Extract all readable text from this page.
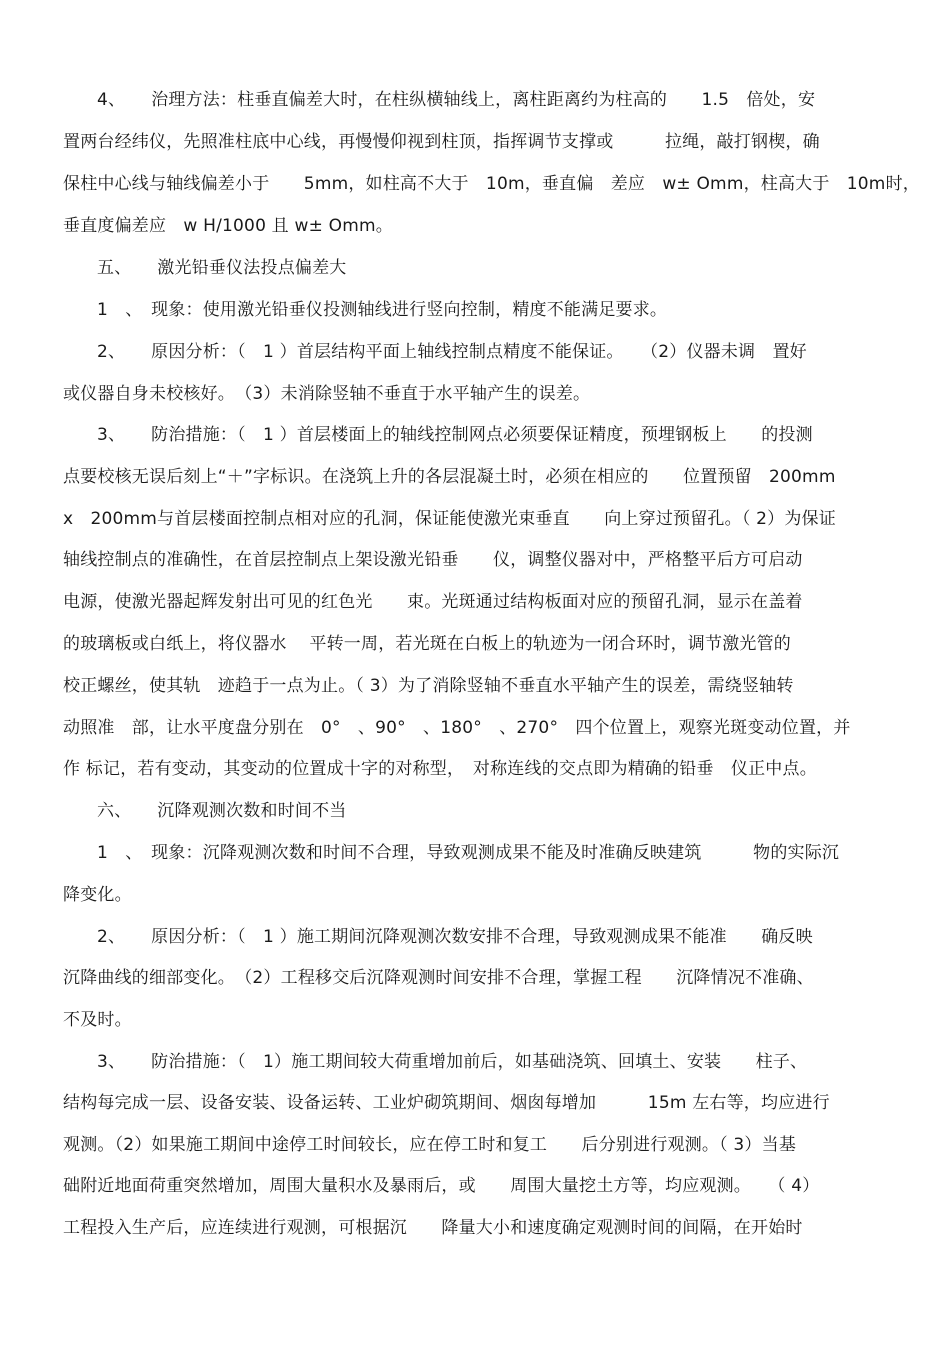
4、　　治理方法：柱垂直偏差大时，在柱纵横轴线上，离柱距离约为柱高的　　1.5　倍处，安
置两台经纬仪，先照准柱底中心线，再慢慢仰视到柱顶，指挥调节支撑或　　　拉绳，敲打钢楔，确
保柱中心线与轴线偏差小于　　5mm，如柱高不大于　10m，垂直偏　差应　w± Omm，柱高大于　10m时，
垂直度偏差应　w H/1000 且 w± Omm。
五、　　激光铅垂仪法投点偏差大
1　、　现象：使用激光铅垂仪投测轴线进行竖向控制，精度不能满足要求。
2、　　原因分析：（　1 ）首层结构平面上轴线控制点精度不能保证。　　（2）仪器未调　置好
或仪器自身未校核好。　（3）未消除竖轴不垂直于水平轴产生的误差。
3、　　防治措施：（　1 ）首层楼面上的轴线控制网点必须要保证精度，预埋钢板上　　的投测
点要校核无误后刻上“＋”字标识。在浇筑上升的各层混凝土时，必须在相应的　　位置预留　200mm
x　200mm与首层楼面控制点相对应的孔洞，保证能使激光束垂直　　向上穿过预留孔。（ 2）为保证
轴线控制点的准确性，在首层控制点上架设激光铅垂　　仪，调整仪器对中，严格整平后方可启动
电源，使激光器起辉发射出可见的红色光　　束。光斑通过结构板面对应的预留孔洞，显示在盖着
的玻璃板或白纸上，将仪器水　 平转一周，若光斑在白板上的轨迹为一闭合环时，调节激光管的
校正螺丝，使其轨　迹趋于一点为止。（ 3）为了消除竖轴不垂直水平轴产生的误差，需绕竖轴转
动照准　部，让水平度盘分别在　0°　、90°　、180°　、270°　四个位置上，观察光斑变动位置，并
作 标记，若有变动，其变动的位置成十字的对称型，　对称连线的交点即为精确的铅垂　仪正中点。
六、　　沉降观测次数和时间不当
1　、　现象：沉降观测次数和时间不合理，导致观测成果不能及时准确反映建筑　　　物的实际沉
降变化。
2、　　原因分析：（　1 ）施工期间沉降观测次数安排不合理，导致观测成果不能准　　确反映
沉降曲线的细部变化。　（2）工程移交后沉降观测时间安排不合理，掌握工程　　沉降情况不准确、
不及时。
3、　　防治措施：（　1）施工期间较大荷重增加前后，如基础浇筑、回填土、安装　　柱子、
结构每完成一层、设备安装、设备运转、工业炉砌筑期间、烟囱每增加　　　15m 左右等，均应进行
观测。（2）如果施工期间中途停工时间较长，应在停工时和复工　　后分别进行观测。（ 3）当基
础附近地面荷重突然增加，周围大量积水及暴雨后，或　　周围大量挖土方等，均应观测。　　（ 4）
工程投入生产后，应连续进行观测，可根据沉　　降量大小和速度确定观测时间的间隔，在开始时
